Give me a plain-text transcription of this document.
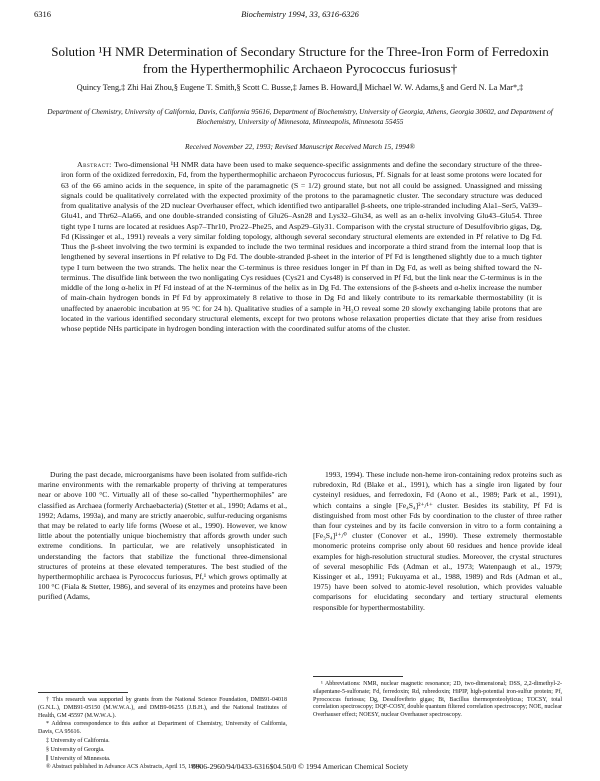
6316	Biochemistry 1994, 33, 6316-6326
Solution ¹H NMR Determination of Secondary Structure for the Three-Iron Form of Ferredoxin from the Hyperthermophilic Archaeon Pyrococcus furiosus†
Quincy Teng,‡ Zhi Hai Zhou,§ Eugene T. Smith,§ Scott C. Busse,‡ James B. Howard,∥ Michael W. W. Adams,§ and Gerd N. La Mar*,‡
Department of Chemistry, University of California, Davis, California 95616, Department of Biochemistry, University of Georgia, Athens, Georgia 30602, and Department of Biochemistry, University of Minnesota, Minneapolis, Minnesota 55455
Received November 22, 1993; Revised Manuscript Received March 15, 1994®
Abstract: Two-dimensional ¹H NMR data have been used to make sequence-specific assignments and define the secondary structure of the three-iron form of the oxidized ferredoxin, Fd, from the hyperthermophilic archaeon Pyrococcus furiosus, Pf. Signals for at least some protons were located for 63 of the 66 amino acids in the sequence, in spite of the paramagnetic (S = 1/2) ground state, but not all could be assigned. Unassigned and missing signals could be qualitatively correlated with the expected proximity of the protons to the paramagnetic cluster. The secondary structure was deduced from qualitative analysis of the 2D nuclear Overhauser effect, which identified two antiparallel β-sheets, one triple-stranded including Ala1–Ser5, Val39–Glu41, and Thr62–Ala66, and one double-stranded consisting of Glu26–Asn28 and Lys32–Glu34, as well as an α-helix involving Glu43–Glu54. Three tight type I turns are located at residues Asp7–Thr10, Pro22–Phe25, and Asp29–Gly31. Comparison with the crystal structure of Desulfovibrio gigas, Dg, Fd (Kissinger et al., 1991) reveals a very similar folding topology, although several secondary structural elements are extended in Pf relative to Dg Fd. Thus the β-sheet involving the two termini is expanded to include the two terminal residues and incorporate a third strand from the internal loop that is lengthened by several insertions in Pf relative to Dg Fd. The double-stranded β-sheet in the interior of Pf Fd is lengthened slightly due to a much tighter type I turn between the two strands. The helix near the C-terminus is three residues longer in Pf than in Dg Fd, as well as being shifted toward the N-terminus. The disulfide link between the two nonligating Cys residues (Cys21 and Cys48) is conserved in Pf Fd, but the link near the C-terminus is in the middle of the long α-helix in Pf Fd instead of at the N-terminus of the helix as in Dg Fd. The extensions of the β-sheets and α-helix increase the number of main-chain hydrogen bonds in Pf Fd by approximately 8 relative to those in Dg Fd and likely contribute to its remarkable thermostability (it is unaffected by anaerobic incubation at 95 °C for 24 h). Qualitative studies of a sample in ²H₂O reveal some 20 slowly exchanging labile protons that are located in the various identified secondary structural elements, except for two protons whose relaxation properties dictate that they arise from residues whose peptide NHs participate in hydrogen bonding interaction with the coordinated sulfur atoms of the cluster.

During the past decade, microorganisms have been isolated from sulfide-rich marine environments with the remarkable property of thriving at temperatures near or above 100 °C. Virtually all of these so-called "hyperthermophiles" are classified as Archaea (formerly Archaebacteria) (Stetter et al., 1990; Adams et al., 1992; Adams, 1993a), and many are strictly anaerobic, sulfur-reducing organisms that may be related to early life forms (Woese et al., 1990). However, we know little about the potentially unique biochemistry that affords growth under such extreme conditions. In particular, we are relatively unsophisticated in understanding the factors that stabilize the functional three-dimensional structures of proteins at these elevated temperatures. The best studied of the hyperthermophilic archaea is Pyrococcus furiosus, Pf,¹ which grows optimally at 100 °C (Fiala & Stetter, 1986), and several of its enzymes and proteins have been purified (Adams,

1993, 1994). These include non-heme iron-containing redox proteins such as rubredoxin, Rd (Blake et al., 1991), which has a single iron ligated by four cysteinyl residues, and ferredoxin, Fd (Aono et al., 1989; Park et al., 1991), which contains a single [Fe₄S₄]²⁺/¹⁺ cluster. Besides its stability, Pf Fd is distinguished from most other Fds by coordination to the cluster of three rather than four cysteines and by its facile conversion in vitro to a form containing a [Fe₃S₄]¹⁺/⁰ cluster (Conover et al., 1990). These extremely thermostable monomeric proteins comprise only about 60 residues and hence provide ideal examples for high-resolution structural studies. Moreover, the crystal structures of several mesophilic Fds (Adman et al., 1973; Watenpaugh et al., 1979; Kissinger et al., 1991; Fukuyama et al., 1988, 1989) and Rds (Adman et al., 1975) have been solved to atomic-level resolution, which provides valuable comparisons for elucidating secondary and tertiary structural elements responsible for hyperthermostability.

† This research was supported by grants from the National Science Foundation, DMB91-04018 (G.N.L.), DMB91-05150 (M.W.W.A.), and DMB9-06255 (J.B.H.), and the National Institutes of Health, GM 45597 (M.W.W.A.).

* Address correspondence to this author at Department of Chemistry, University of California, Davis, CA 95616.

‡ University of California.

§ University of Georgia.

∥ University of Minnesota.

® Abstract published in Advance ACS Abstracts, April 15, 1994.

¹ Abbreviations: NMR, nuclear magnetic resonance; 2D, two-dimensional; DSS, 2,2-dimethyl-2-silapentane-5-sulfonate; Fd, ferredoxin; Rd, rubredoxin; HiPIP, high-potential iron-sulfur protein; Pf, Pyrococcus furiosus; Dg, Desulfovibrio gigas; Bt, Bacillus thermoproteolyticus; TOCSY, total correlation spectroscopy; DQF-COSY, double quantum filtered correlation spectroscopy; NOE, nuclear Overhauser effect; NOESY, nuclear Overhauser spectroscopy.

0006-2960/94/0433-6316$04.50/0 © 1994 American Chemical Society
